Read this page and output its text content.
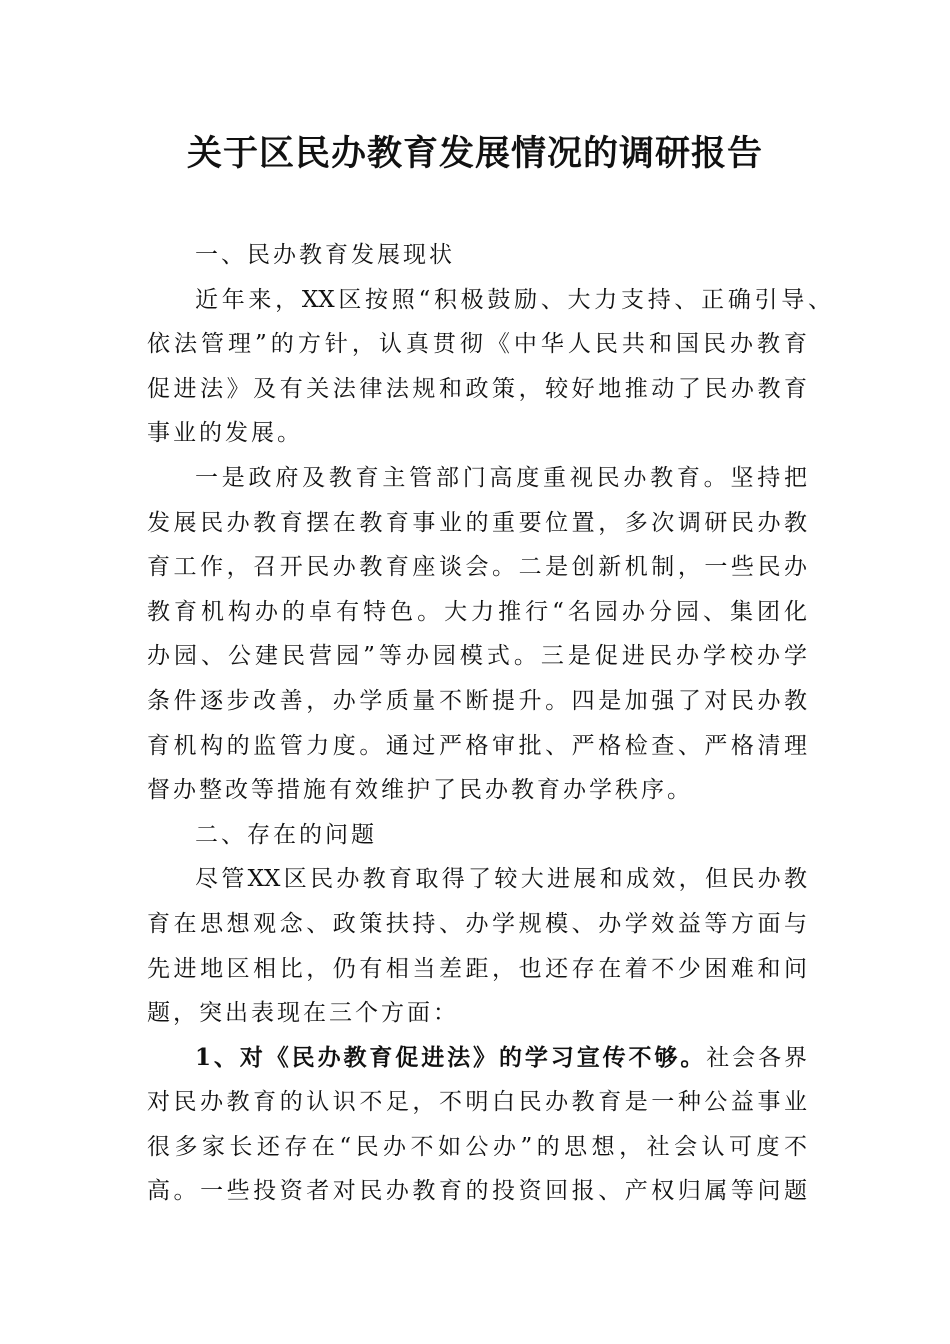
关于区民办教育发展情况的调研报告
一、民办教育发展现状
近年来，XX区按照“积极鼓励、大力支持、正确引导、
依法管理”的方针，认真贯彻《中华人民共和国民办教育
促进法》及有关法律法规和政策，较好地推动了民办教育
事业的发展。
一是政府及教育主管部门高度重视民办教育。坚持把
发展民办教育摆在教育事业的重要位置，多次调研民办教
育工作，召开民办教育座谈会。二是创新机制，一些民办
教育机构办的卓有特色。大力推行“名园办分园、集团化
办园、公建民营园”等办园模式。三是促进民办学校办学
条件逐步改善，办学质量不断提升。四是加强了对民办教
育机构的监管力度。通过严格审批、严格检查、严格清理
督办整改等措施有效维护了民办教育办学秩序。
二、存在的问题
尽管XX区民办教育取得了较大进展和成效，但民办教
育在思想观念、政策扶持、办学规模、办学效益等方面与
先进地区相比，仍有相当差距，也还存在着不少困难和问
题，突出表现在三个方面：
1、对《民办教育促进法》的学习宣传不够。社会各界
对民办教育的认识不足，不明白民办教育是一种公益事业
很多家长还存在“民办不如公办”的思想，社会认可度不
高。一些投资者对民办教育的投资回报、产权归属等问题
